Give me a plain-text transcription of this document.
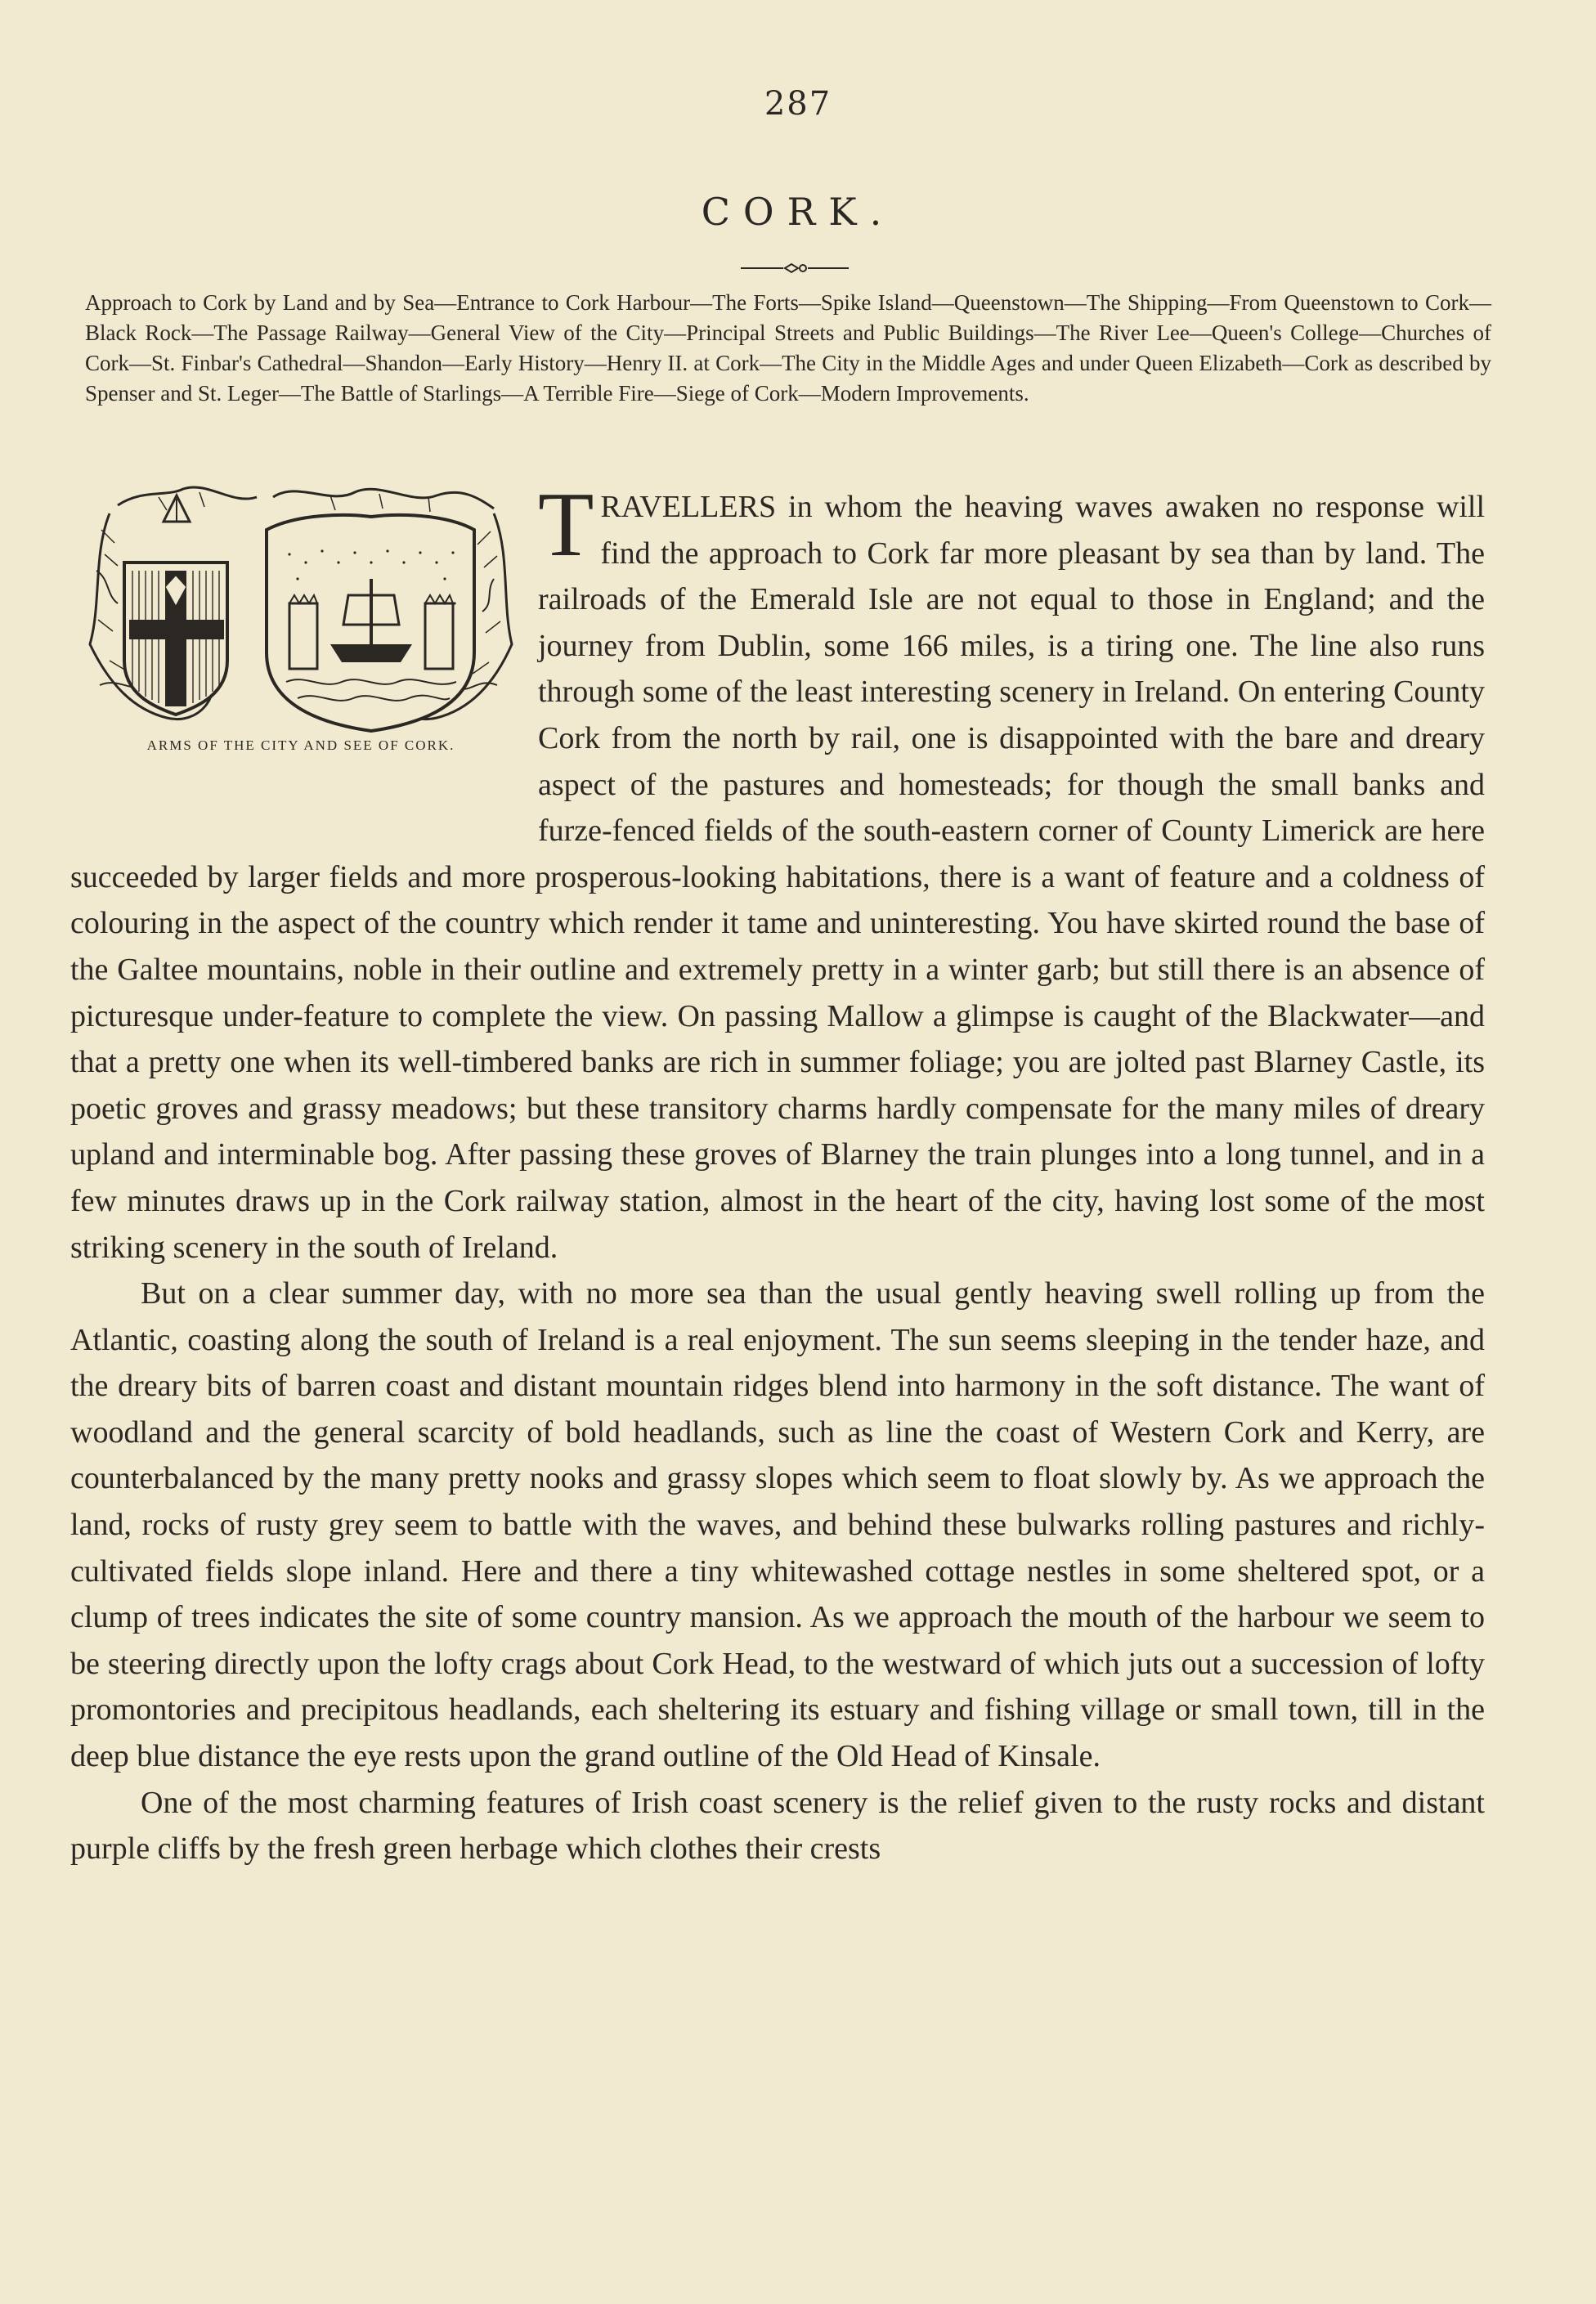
287
CORK.

Approach to Cork by Land and by Sea—Entrance to Cork Harbour—The Forts—Spike Island—Queenstown—The Shipping—From Queenstown to Cork—Black Rock—The Passage Railway—General View of the City—Principal Streets and Public Buildings—The River Lee—Queen's College—Churches of Cork—St. Finbar's Cathedral—Shandon—Early History—Henry II. at Cork—The City in the Middle Ages and under Queen Elizabeth—Cork as described by Spenser and St. Leger—The Battle of Starlings—A Terrible Fire—Siege of Cork—Modern Improvements.

ARMS OF THE CITY AND SEE OF CORK.

TRAVELLERS in whom the heaving waves awaken no response will find the approach to Cork far more pleasant by sea than by land. The railroads of the Emerald Isle are not equal to those in England; and the journey from Dublin, some 166 miles, is a tiring one. The line also runs through some of the least interesting scenery in Ireland. On entering County Cork from the north by rail, one is disappointed with the bare and dreary aspect of the pastures and homesteads; for though the small banks and furze-fenced fields of the south-eastern corner of County Limerick are here succeeded by larger fields and more prosperous-looking habitations, there is a want of feature and a coldness of colouring in the aspect of the country which render it tame and uninteresting. You have skirted round the base of the Galtee mountains, noble in their outline and extremely pretty in a winter garb; but still there is an absence of picturesque under-feature to complete the view. On passing Mallow a glimpse is caught of the Blackwater—and that a pretty one when its well-timbered banks are rich in summer foliage; you are jolted past Blarney Castle, its poetic groves and grassy meadows; but these transitory charms hardly compensate for the many miles of dreary upland and interminable bog. After passing these groves of Blarney the train plunges into a long tunnel, and in a few minutes draws up in the Cork railway station, almost in the heart of the city, having lost some of the most striking scenery in the south of Ireland.

But on a clear summer day, with no more sea than the usual gently heaving swell rolling up from the Atlantic, coasting along the south of Ireland is a real enjoyment. The sun seems sleeping in the tender haze, and the dreary bits of barren coast and distant mountain ridges blend into harmony in the soft distance. The want of woodland and the general scarcity of bold headlands, such as line the coast of Western Cork and Kerry, are counterbalanced by the many pretty nooks and grassy slopes which seem to float slowly by. As we approach the land, rocks of rusty grey seem to battle with the waves, and behind these bulwarks rolling pastures and richly-cultivated fields slope inland. Here and there a tiny whitewashed cottage nestles in some sheltered spot, or a clump of trees indicates the site of some country mansion. As we approach the mouth of the harbour we seem to be steering directly upon the lofty crags about Cork Head, to the westward of which juts out a succession of lofty promontories and precipitous headlands, each sheltering its estuary and fishing village or small town, till in the deep blue distance the eye rests upon the grand outline of the Old Head of Kinsale.

One of the most charming features of Irish coast scenery is the relief given to the rusty rocks and distant purple cliffs by the fresh green herbage which clothes their crests
